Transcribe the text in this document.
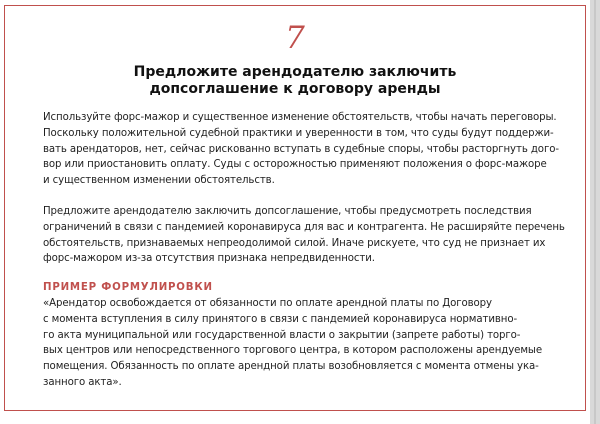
7
Предложите арендодателю заключить
допсоглашение к договору аренды
Используйте форс-мажор и существенное изменение обстоятельств, чтобы начать переговоры.
Поскольку положительной судебной практики и уверенности в том, что суды будут поддержи-
вать арендаторов, нет, сейчас рискованно вступать в судебные споры, чтобы расторгнуть дого-
вор или приостановить оплату. Суды с осторожностью применяют положения о форс-мажоре
и существенном изменении обстоятельств.
Предложите арендодателю заключить допсоглашение, чтобы предусмотреть последствия
ограничений в связи с пандемией коронавируса для вас и контрагента. Не расширяйте перечень
обстоятельств, признаваемых непреодолимой силой. Иначе рискуете, что суд не признает их
форс-мажором из-за отсутствия признака непредвиденности.
ПРИМЕР ФОРМУЛИРОВКИ
«Арендатор освобождается от обязанности по оплате арендной платы по Договору
с момента вступления в силу принятого в связи с пандемией коронавируса нормативно-
го акта муниципальной или государственной власти о закрытии (запрете работы) торго-
вых центров или непосредственного торгового центра, в котором расположены арендуемые
помещения. Обязанность по оплате арендной платы возобновляется с момента отмены ука-
занного акта».
